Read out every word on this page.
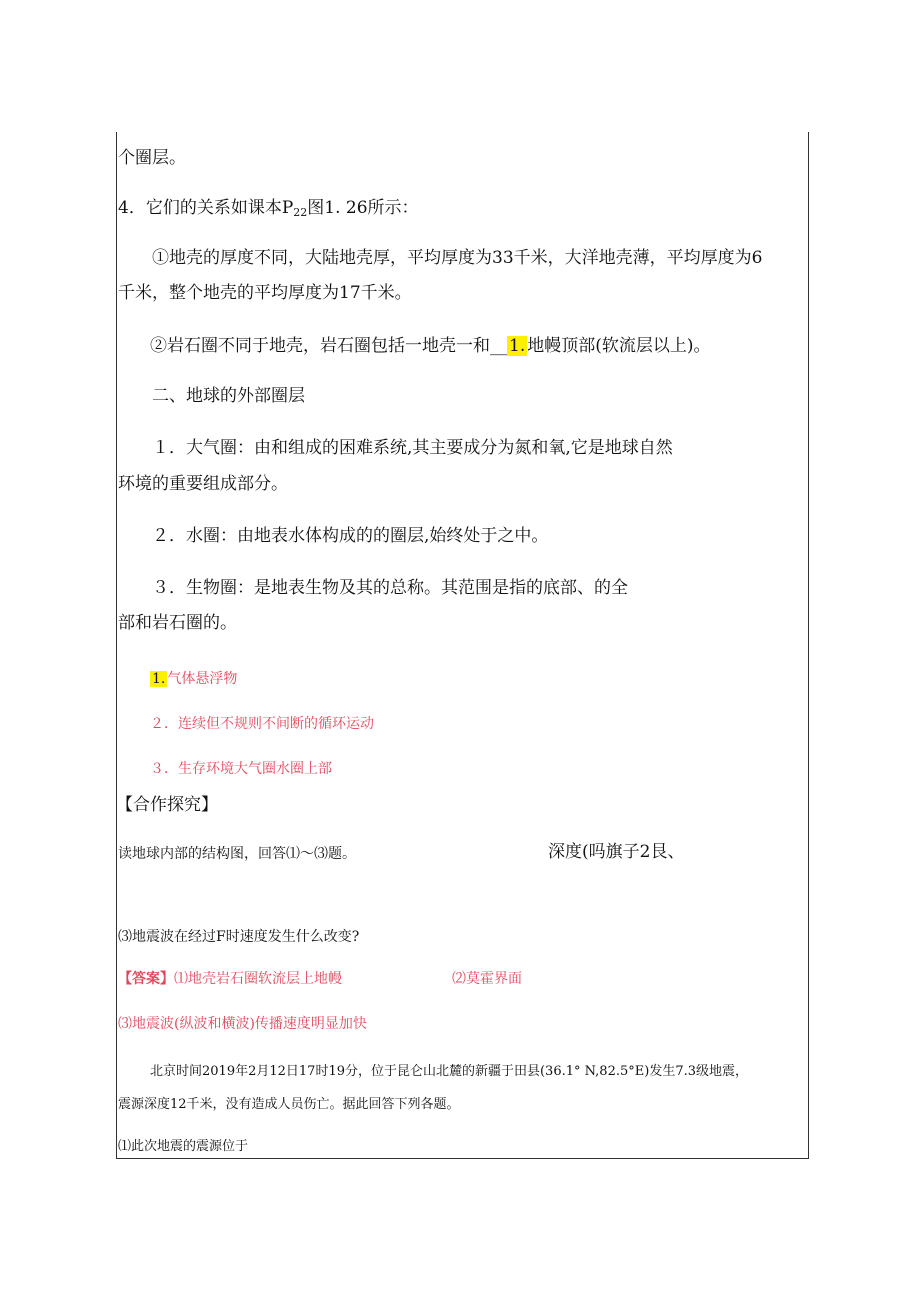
个圈层。
4．它们的关系如课本$P_{22}$图1. 26所示：
①地壳的厚度不同，大陆地壳厚，平均厚度为33千米，大洋地壳薄，平均厚度为6
千米，整个地壳的平均厚度为17千米。
②岩石圈不同于地壳，岩石圈包括一地壳一和__ 1. 地幔顶部(软流层以上)。
二、地球的外部圈层
１．大气圈：由和组成的困难系统,其主要成分为氮和氧,它是地球自然
环境的重要组成部分。
２．水圈：由地表水体构成的的圈层,始终处于之中。
３．生物圈：是地表生物及其的总称。其范围是指的底部、的全
部和岩石圈的。
1. 气体悬浮物
２．连续但不规则不间断的循环运动
３．生存环境大气圈水圈上部
【合作探究】
读地球内部的结构图，回答⑴～⑶题。	深度(吗旗子2艮、
⑶地震波在经过F时速度发生什么改变?
【答案】⑴地壳岩石圈软流层上地幔	⑵莫霍界面
⑶地震波(纵波和横波)传播速度明显加快
北京时间2019年2月12日17时19分，位于昆仑山北麓的新疆于田县(36.1° N,82.5°E)发生7.3级地震，
震源深度12千米，没有造成人员伤亡。据此回答下列各题。
⑴此次地震的震源位于
